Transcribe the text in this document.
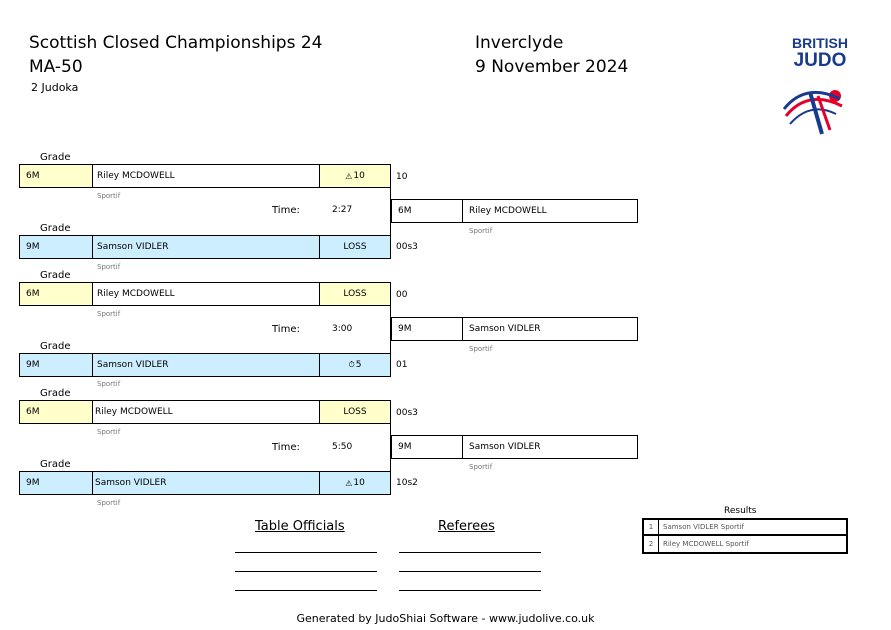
Scottish Closed Championships 24
MA-50
2 Judoka
Inverclyde
9 November 2024
BRITISH
JUDO
Grade
6M	Riley MCDOWELL	⚠ 10	10
Sportif
Time:	2:27	6M	Riley MCDOWELL
Sportif
Grade
9M	Samson VIDLER	LOSS	00s3
Sportif
Grade
6M	Riley MCDOWELL	LOSS	00
Sportif
Time:	3:00	9M	Samson VIDLER
Sportif
Grade
9M	Samson VIDLER	⏱ 5	01
Sportif
Grade
6M	Riley MCDOWELL	LOSS	00s3
Sportif
Time:	5:50	9M	Samson VIDLER
Sportif
Grade
9M	Samson VIDLER	⚠ 10	10s2
Sportif
Results
1	Samson VIDLER Sportif
2	Riley MCDOWELL Sportif
Table Officials	Referees
Generated by JudoShiai Software - www.judolive.co.uk
